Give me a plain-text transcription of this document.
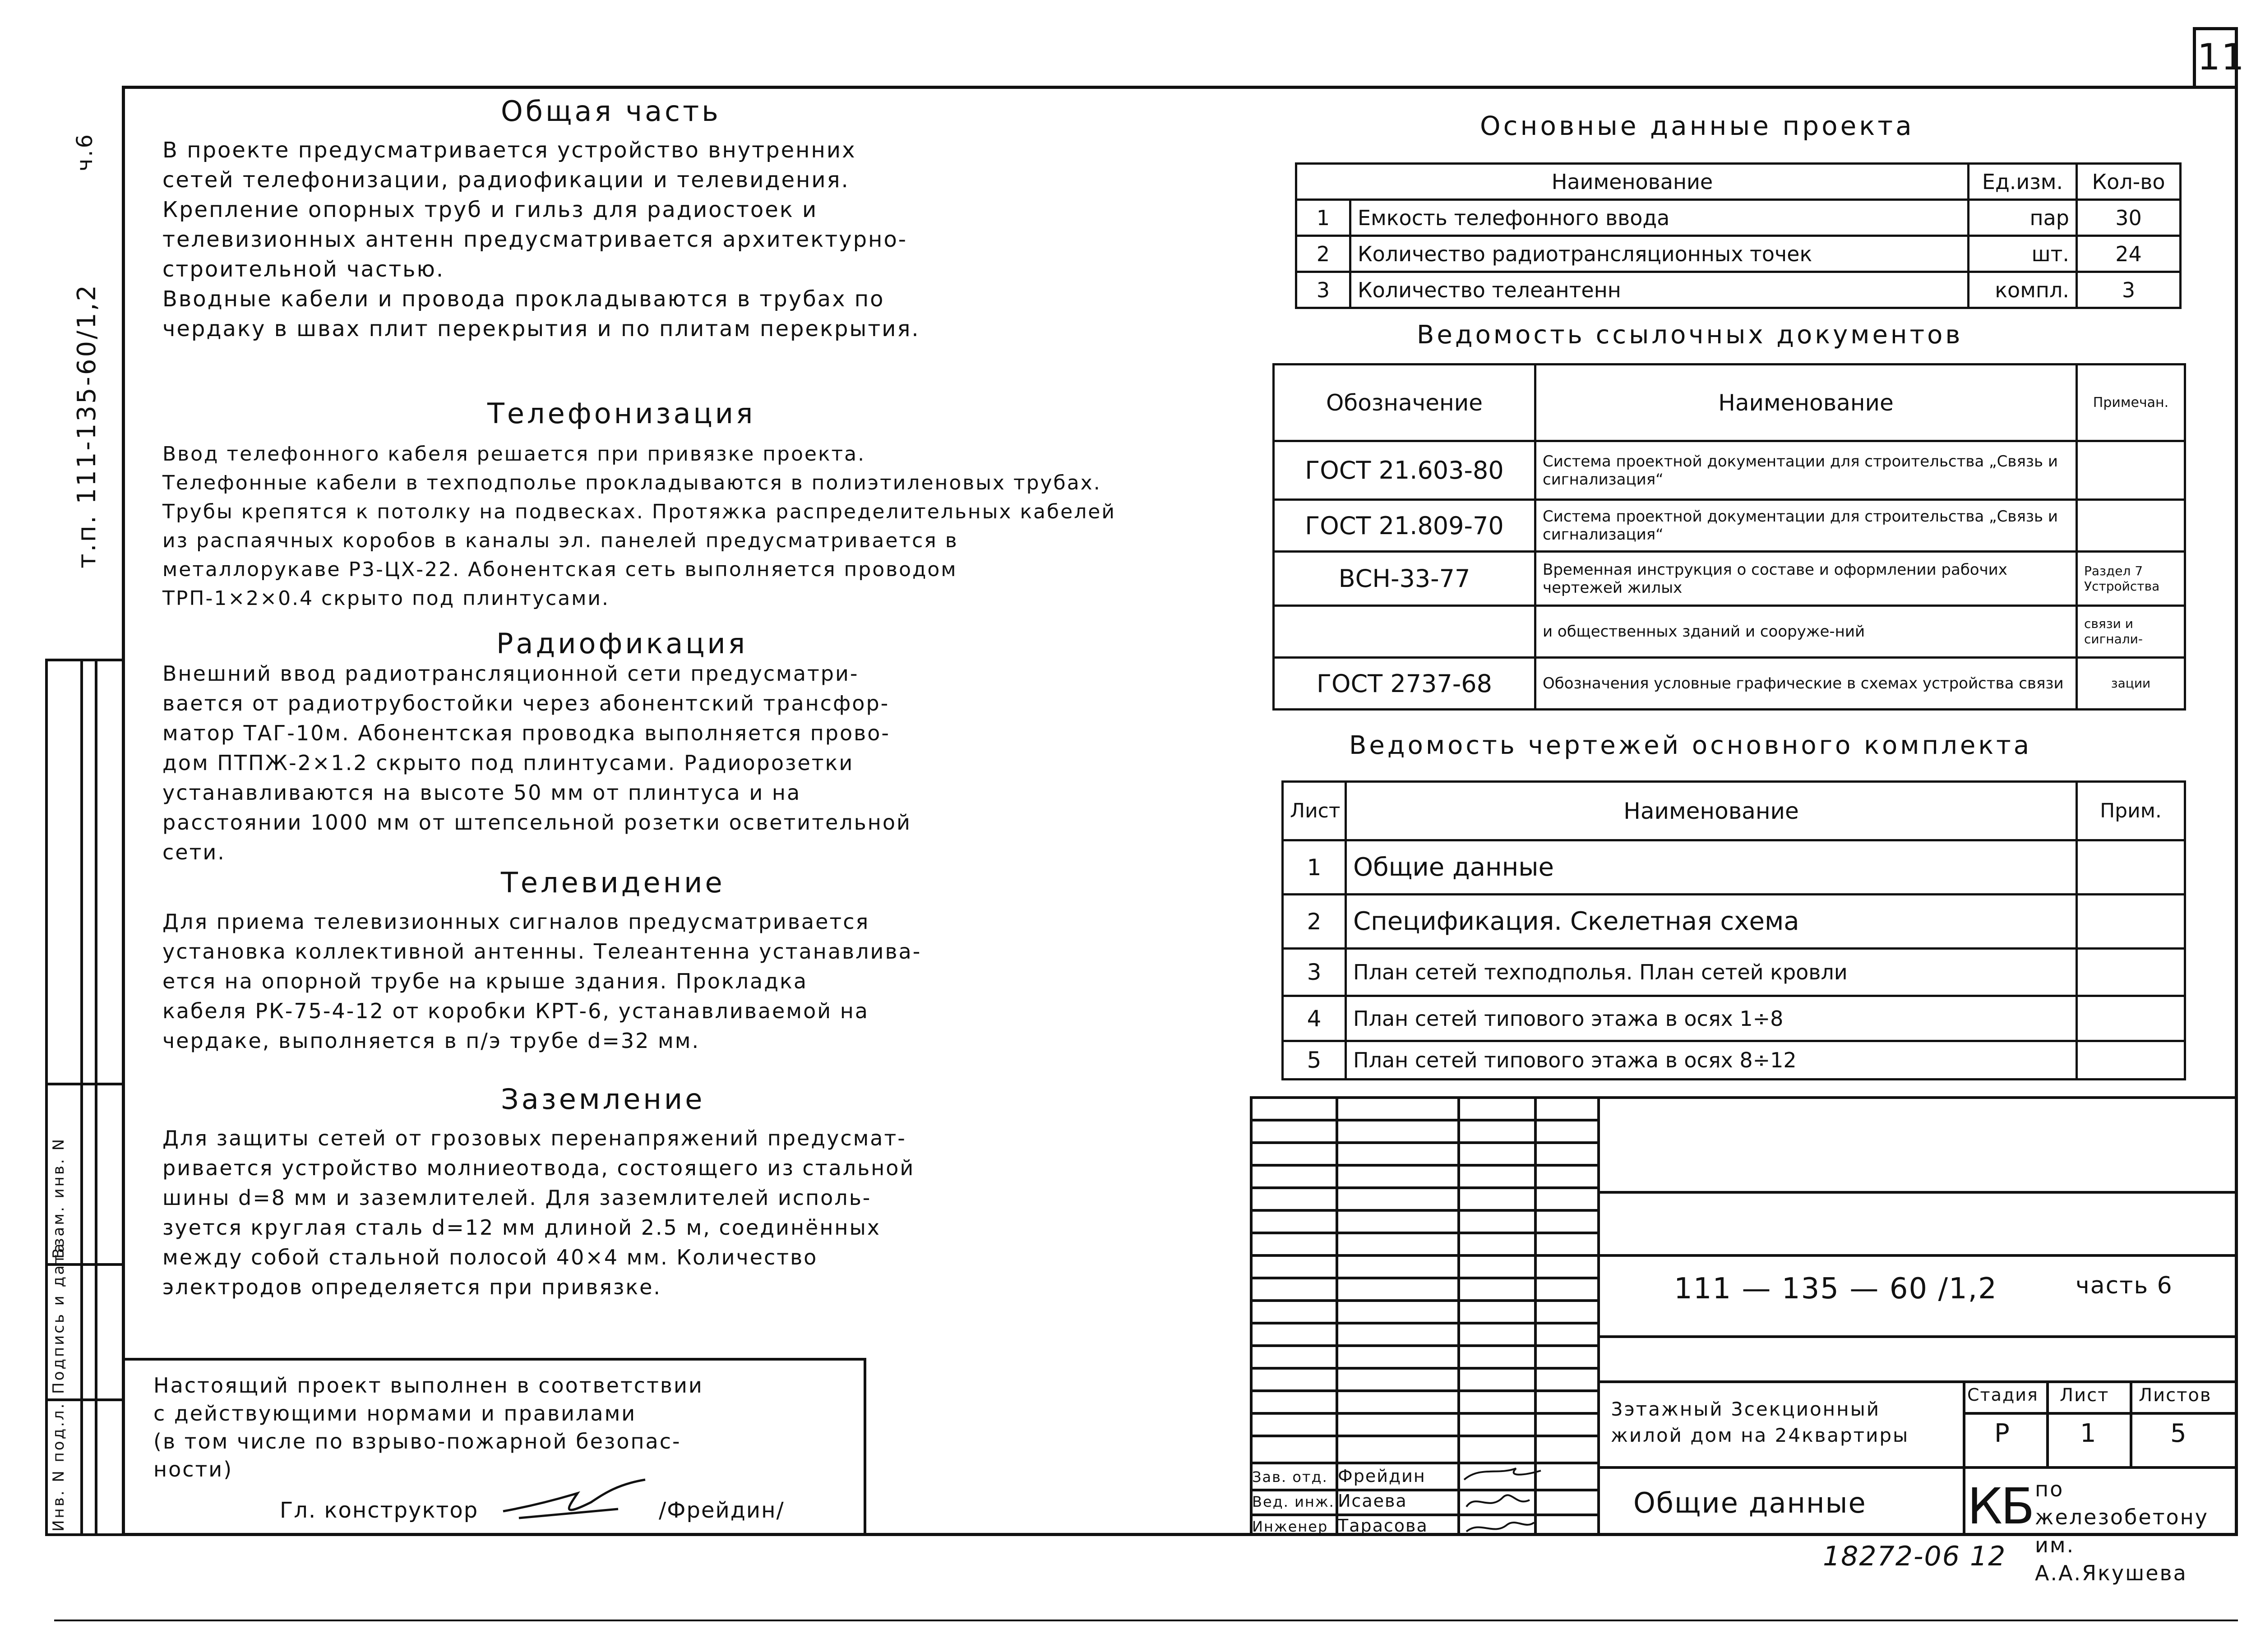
11
ч.6
т.п. 111-135-60/1,2
Инв. N под.л.
Подпись и дата
Взам. инв. N
Общая часть
В проекте предусматривается устройство внутренних
сетей телефонизации, радиофикации и телевидения.
Крепление опорных труб и гильз для радиостоек и
телевизионных антенн предусматривается архитектурно-
строительной частью.
Вводные кабели и провода прокладываются в трубах по
чердаку в швах плит перекрытия и по плитам перекрытия.
Телефонизация
Ввод телефонного кабеля решается при привязке проекта.
Телефонные кабели в техподполье прокладываются в полиэтиленовых трубах.
Трубы крепятся к потолку на подвесках. Протяжка распределительных кабелей
из распаячных коробов в каналы эл. панелей предусматривается в
металлорукаве Р3-ЦХ-22. Абонентская сеть выполняется проводом
ТРП-1×2×0.4 скрыто под плинтусами.
Радиофикация
Внешний ввод радиотрансляционной сети предусматри-
вается от радиотрубостойки через абонентский трансфор-
матор ТАГ-10м. Абонентская проводка выполняется прово-
дом ПТПЖ-2×1.2 скрыто под плинтусами. Радиорозетки
устанавливаются на высоте 50 мм от плинтуса и на
расстоянии 1000 мм от штепсельной розетки осветительной
сети.
Телевидение
Для приема телевизионных сигналов предусматривается
установка коллективной антенны. Телеантенна устанавлива-
ется на опорной трубе на крыше здания. Прокладка
кабеля РК-75-4-12 от коробки КРТ-6, устанавливаемой на
чердаке, выполняется в п/э трубе d=32 мм.
Заземление
Для защиты сетей от грозовых перенапряжений предусмат-
ривается устройство молниеотвода, состоящего из стальной
шины d=8 мм и заземлителей. Для заземлителей исполь-
зуется круглая сталь d=12 мм длиной 2.5 м, соединённых
между собой стальной полосой 40×4 мм. Количество
электродов определяется при привязке.
Настоящий проект выполнен в соответствии
с действующими нормами и правилами
(в том числе по взрыво-пожарной безопас-
ности)
Гл. конструктор	/Фрейдин/
Основные данные проекта
Наименование		Ед.изм.	Кол-во
1	Емкость телефонного ввода	пар	30
2	Количество радиотрансляционных точек	шт.	24
3	Количество телеантенн	компл.	3
Ведомость ссылочных документов
Обозначение	Наименование	Примечан.
ГОСТ 21.603-80	Система проектной документации для строительства „Связь и сигнализация“	
ГОСТ 21.809-70	Система проектной документации для строительства „Связь и сигнализация“	
ВСН-33-77	Временная инструкция о составе и оформлении рабочих чертежей жилых	Раздел 7 Устройства
	и общественных зданий и сооруже-ний	связи и сигнали-
ГОСТ 2737-68	Обозначения условные графические в схемах устройства связи	зации
Ведомость чертежей основного комплекта
Лист	Наименование	Прим.
1	Общие данные	
2	Спецификация. Скелетная схема	
3	План сетей техподполья. План сетей кровли	
4	План сетей типового этажа в осях 1÷8	
5	План сетей типового этажа в осях 8÷12	
111 — 135 — 60 /1,2	часть 6
3этажный 3секционный жилой дом на 24квартиры
Стадия Лист Листов
Р	1	5
Общие данные КБ по железобетону им. А.А.Якушева
Зав. отд. Фрейдин
Вед. инж. Исаева
Инженер Тарасова
18272-06 12
